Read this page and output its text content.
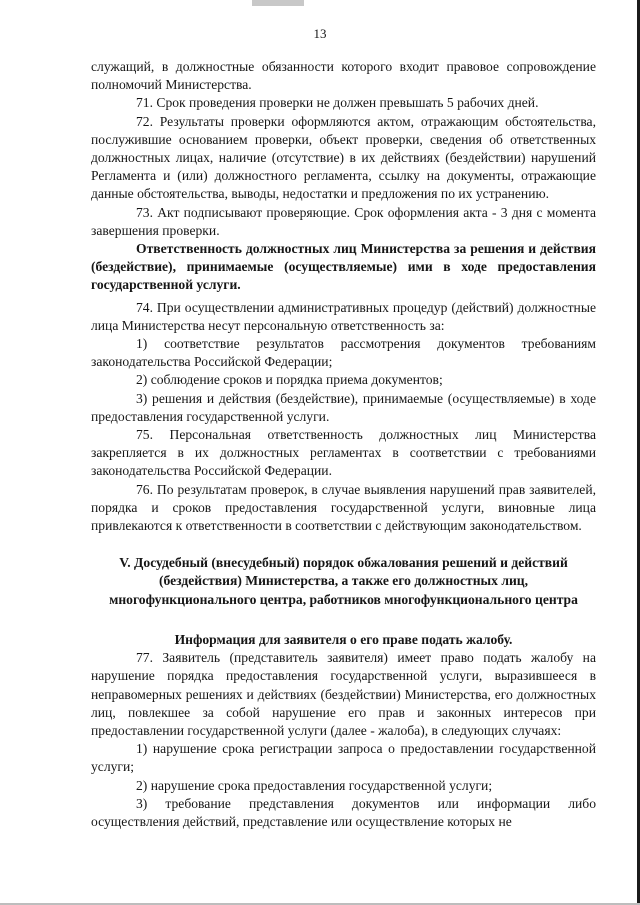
13

служащий, в должностные обязанности которого входит правовое сопровождение полномочий Министерства.

71. Срок проведения проверки не должен превышать 5 рабочих дней.

72. Результаты проверки оформляются актом, отражающим обстоятельства, послужившие основанием проверки, объект проверки, сведения об ответственных должностных лицах, наличие (отсутствие) в их действиях (бездействии) нарушений Регламента и (или) должностного регламента, ссылку на документы, отражающие данные обстоятельства, выводы, недостатки и предложения по их устранению.

73. Акт подписывают проверяющие. Срок оформления акта - 3 дня с момента завершения проверки.

Ответственность должностных лиц Министерства за решения и действия (бездействие), принимаемые (осуществляемые) ими в ходе предоставления государственной услуги.

74. При осуществлении административных процедур (действий) должностные лица Министерства несут персональную ответственность за:

1) соответствие результатов рассмотрения документов требованиям законодательства Российской Федерации;

2) соблюдение сроков и порядка приема документов;

3) решения и действия (бездействие), принимаемые (осуществляемые) в ходе предоставления государственной услуги.

75. Персональная ответственность должностных лиц Министерства закрепляется в их должностных регламентах в соответствии с требованиями законодательства Российской Федерации.

76. По результатам проверок, в случае выявления нарушений прав заявителей, порядка и сроков предоставления государственной услуги, виновные лица привлекаются к ответственности в соответствии с действующим законодательством.

V. Досудебный (внесудебный) порядок обжалования решений и действий (бездействия) Министерства, а также его должностных лиц, многофункционального центра, работников многофункционального центра

Информация для заявителя о его праве подать жалобу.

77. Заявитель (представитель заявителя) имеет право подать жалобу на нарушение порядка предоставления государственной услуги, выразившееся в неправомерных решениях и действиях (бездействии) Министерства, его должностных лиц, повлекшее за собой нарушение его прав и законных интересов при предоставлении государственной услуги (далее - жалоба), в следующих случаях:

1) нарушение срока регистрации запроса о предоставлении государственной услуги;

2) нарушение срока предоставления государственной услуги;

3) требование представления документов или информации либо осуществления действий, представление или осуществление которых не
